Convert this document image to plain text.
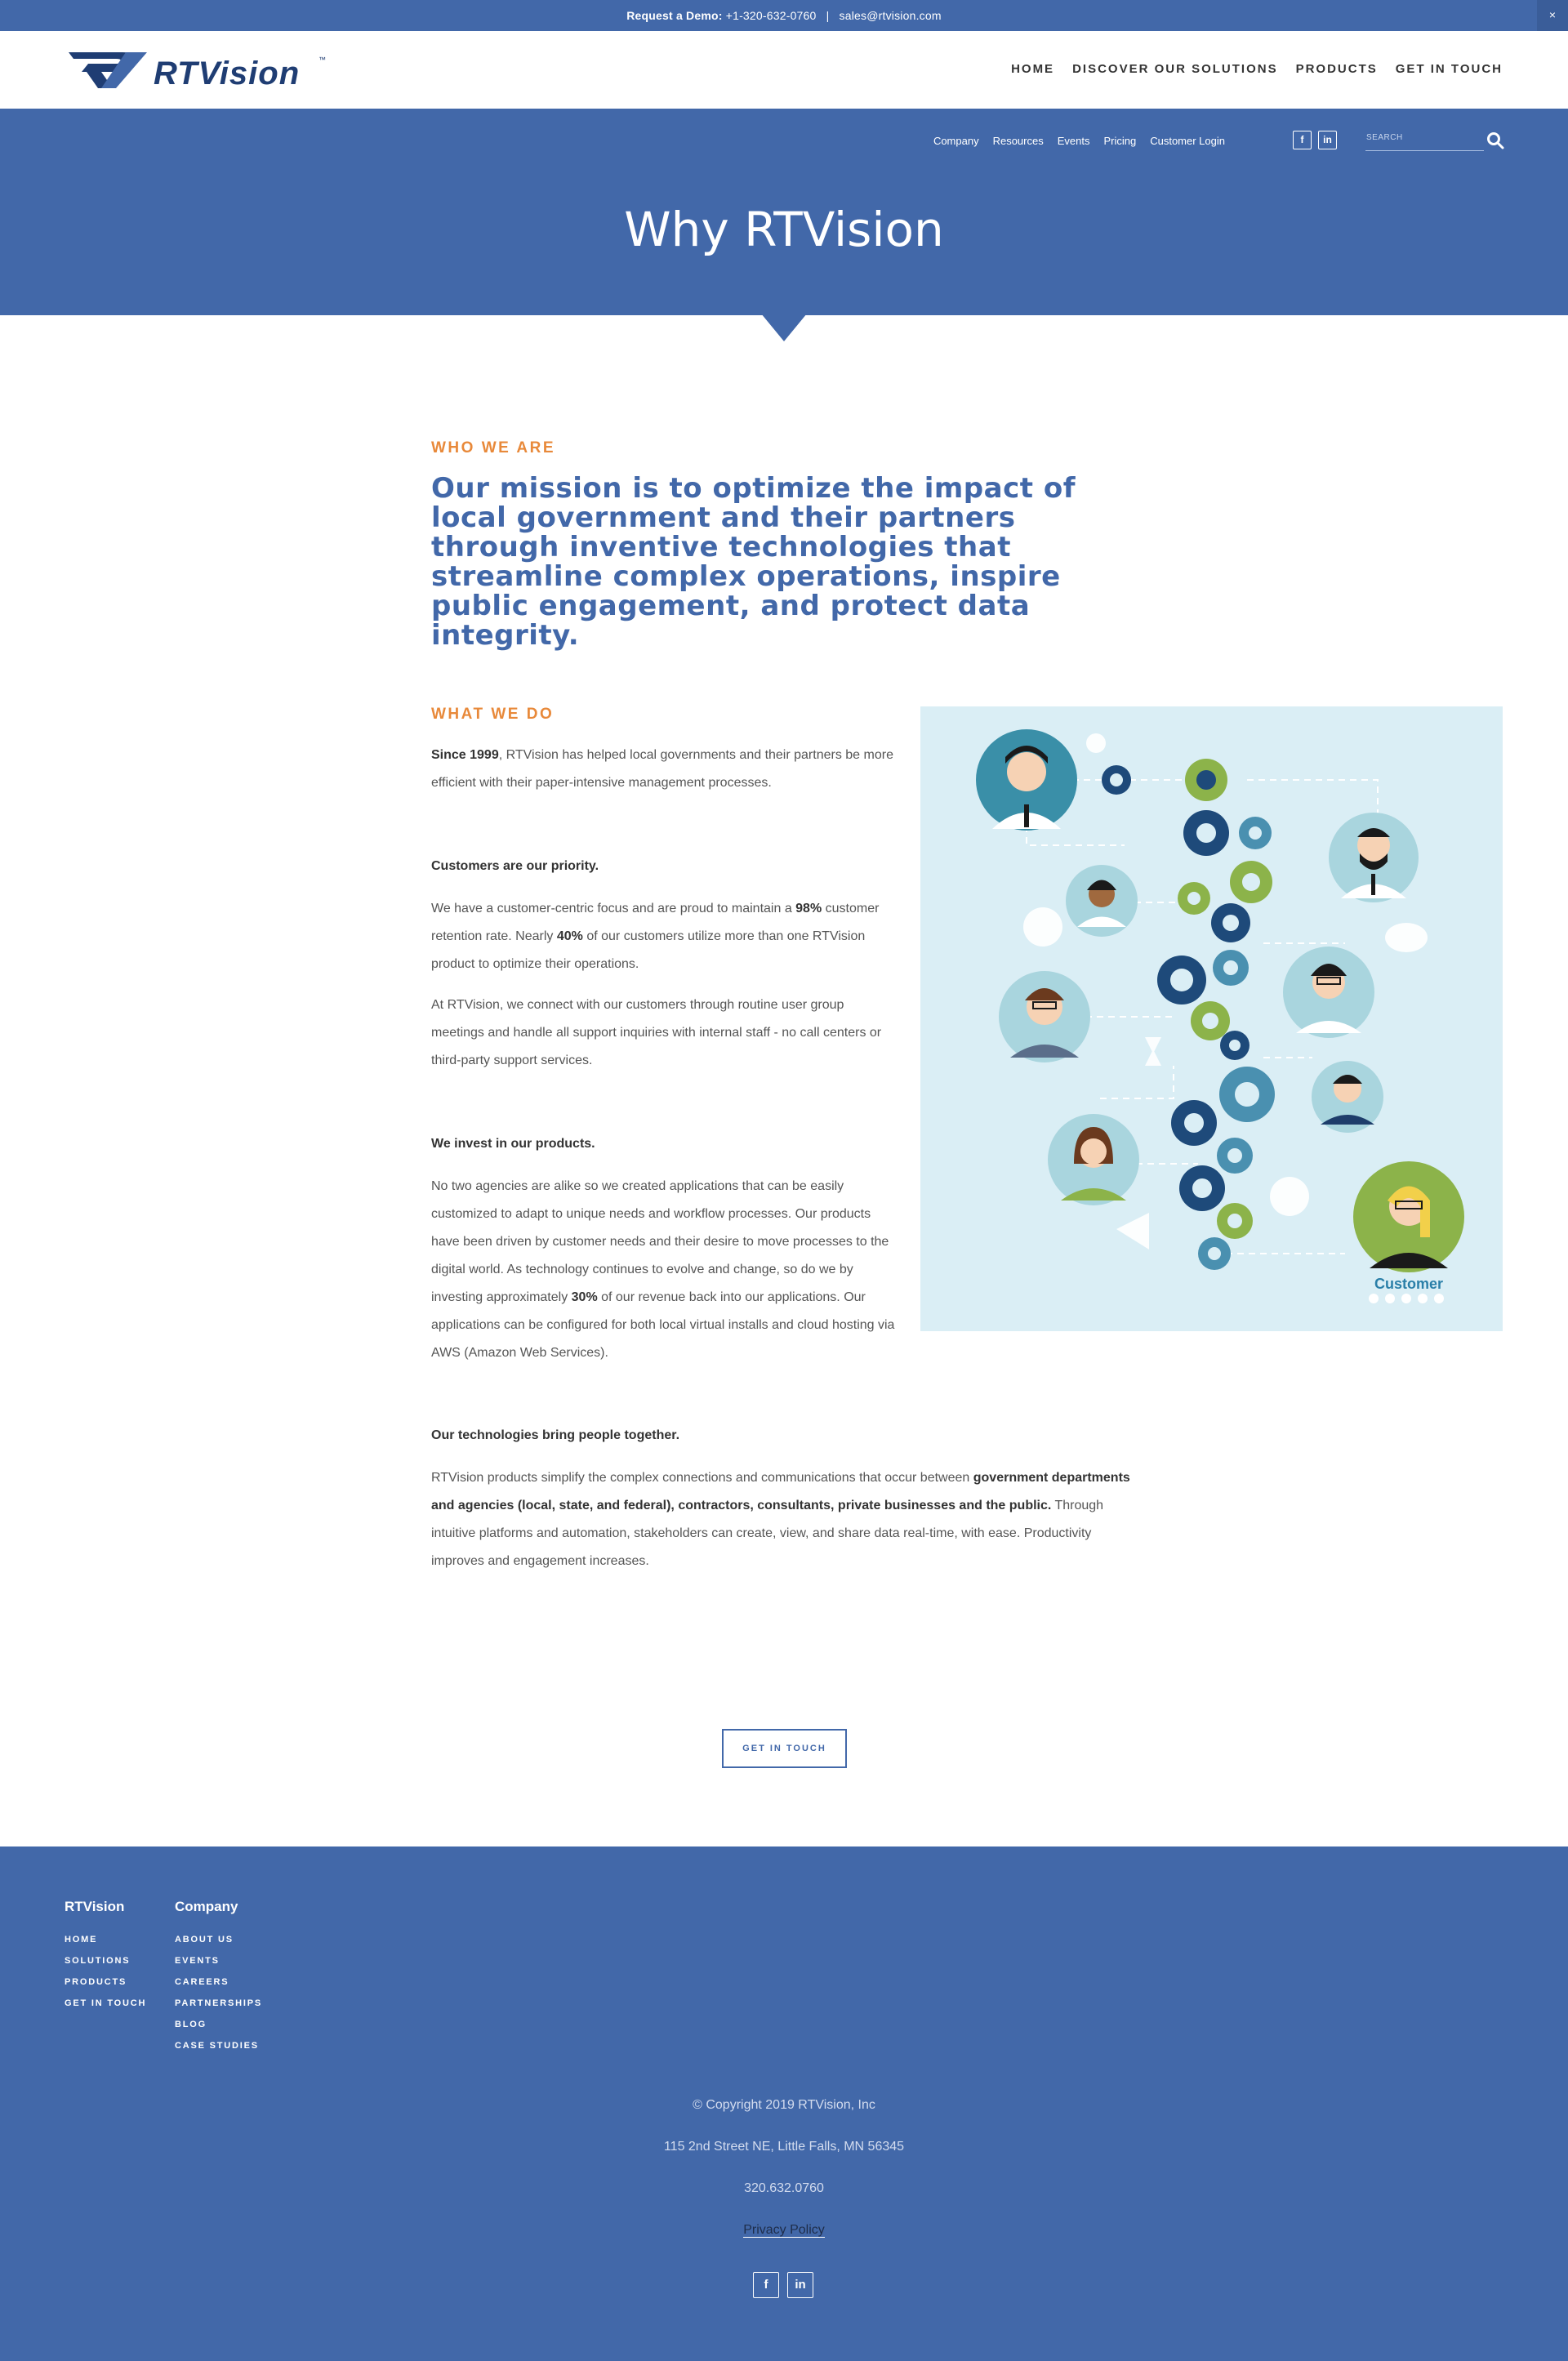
Request a Demo: +1-320-632-0760 | sales@rtvision.com	×
RTVision	™
HOME DISCOVER OUR SOLUTIONS PRODUCTS GET IN TOUCH
Company Resources Events Pricing Customer Login	f	in	SEARCH
Why RTVision
WHO WE ARE
Our mission is to optimize the impact of local government and their partners through inventive technologies that streamline complex operations, inspire public engagement, and protect data integrity.
WHAT WE DO
Since 1999, RTVision has helped local governments and their partners be more efficient with their paper-intensive management processes.
Customers are our priority.
We have a customer-centric focus and are proud to maintain a 98% customer retention rate. Nearly 40% of our customers utilize more than one RTVision product to optimize their operations.
At RTVision, we connect with our customers through routine user group meetings and handle all support inquiries with internal staff - no call centers or third-party support services.
We invest in our products.
No two agencies are alike so we created applications that can be easily customized to adapt to unique needs and workflow processes. Our products have been driven by customer needs and their desire to move processes to the digital world. As technology continues to evolve and change, so do we by investing approximately 30% of our revenue back into our applications. Our applications can be configured for both local virtual installs and cloud hosting via AWS (Amazon Web Services).
Our technologies bring people together.
RTVision products simplify the complex connections and communications that occur between government departments and agencies (local, state, and federal), contractors, consultants, private businesses and the public. Through intuitive platforms and automation, stakeholders can create, view, and share data real-time, with ease. Productivity improves and engagement increases.
Customer
GET IN TOUCH
RTVision
HOME
SOLUTIONS
PRODUCTS
GET IN TOUCH
Company
ABOUT US
EVENTS
CAREERS
PARTNERSHIPS
BLOG
CASE STUDIES
© Copyright 2019 RTVision, Inc
115 2nd Street NE, Little Falls, MN 56345
320.632.0760
Privacy Policy
f	in
